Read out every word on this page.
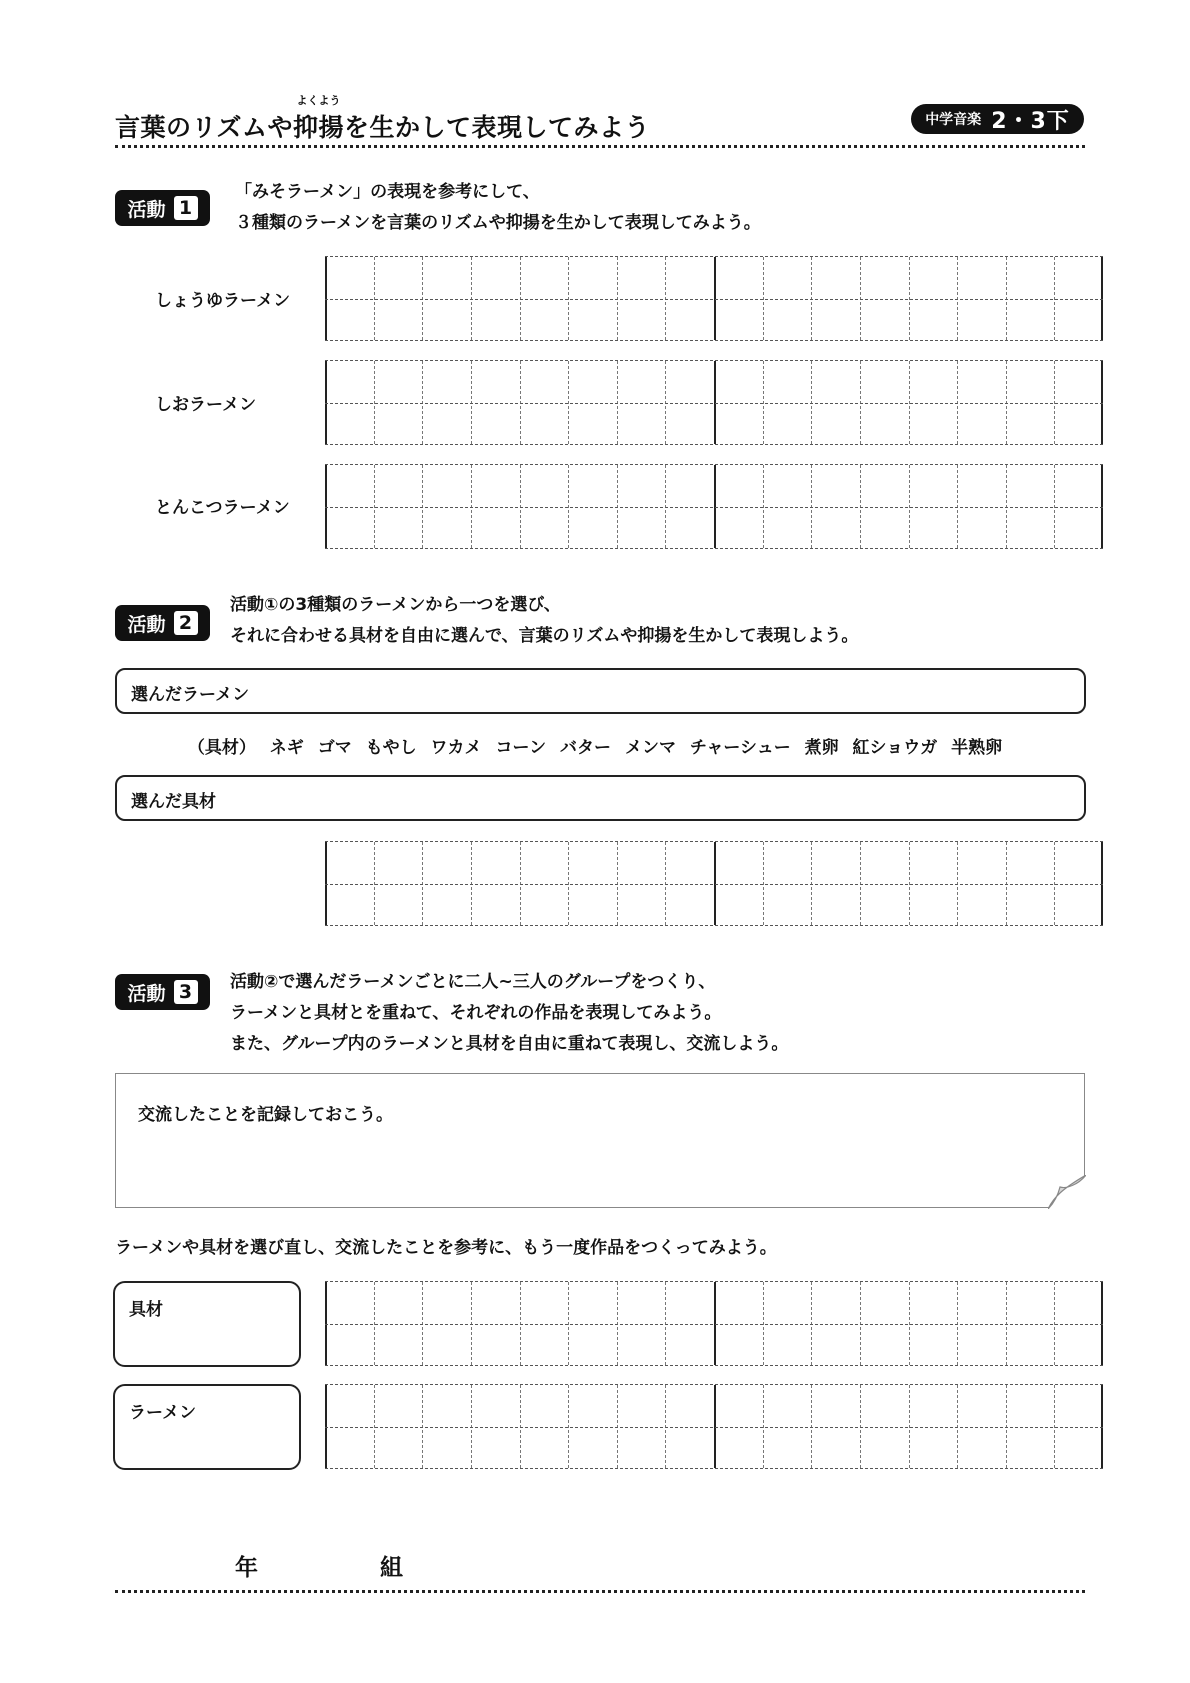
言葉のリズムや
よくよう
抑揚を生かして表現してみよう	中学音楽 2・3下
活動 1
「みそラーメン」の表現を参考にして、
３種類のラーメンを言葉のリズムや抑揚を生かして表現してみよう。
しょうゆラーメン
しおラーメン
とんこつラーメン
活動 2
活動①の3種類のラーメンから一つを選び、
それに合わせる具材を自由に選んで、言葉のリズムや抑揚を生かして表現しよう。
選んだラーメン
（具材） ネギ ゴマ もやし ワカメ コーン バター メンマ チャーシュー 煮卵 紅ショウガ 半熟卵
選んだ具材
活動 3	活動②で選んだラーメンごとに二人~三人のグループをつくり、
ラーメンと具材とを重ねて、それぞれの作品を表現してみよう。
また、グループ内のラーメンと具材を自由に重ねて表現し、交流しよう。
交流したことを記録しておこう。
ラーメンや具材を選び直し、交流したことを参考に、もう一度作品をつくってみよう。
具材
ラーメン
年	組
